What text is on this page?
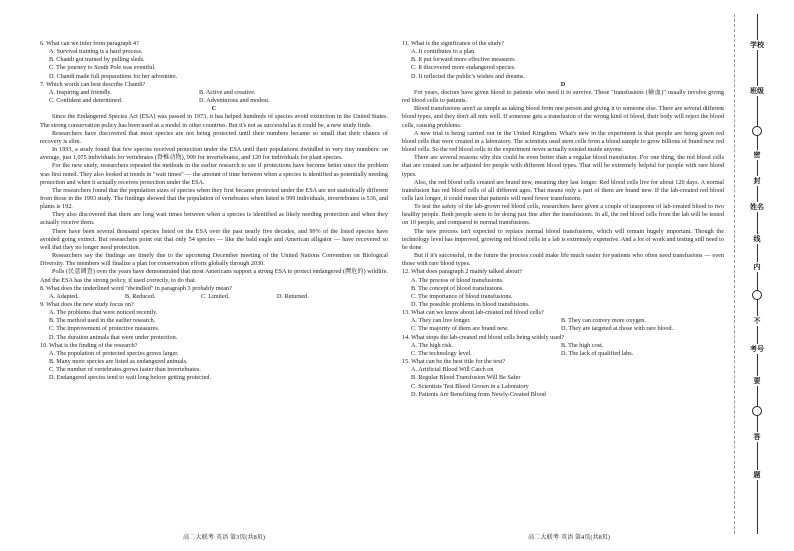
6. What can we infer from paragraph 4?

A. Survival training is a hard process.

B. Chandi got trained by pulling sleds.

C. The journey to South Pole was eventful.

D. Chandi made full preparations for her adventure.

7. Which words can best describe Chandi?

A. Inspiring and friendly.	B. Active and creative.
C. Confident and determined.	D. Adventurous and modest.

C

Since the Endangered Species Act (ESA) was passed in 1973, it has helped hundreds of species avoid extinction in the United States. The strong conservation policy has been used as a model in other countries. But it's not as successful as it could be, a new study finds.

Researchers have discovered that most species are not being protected until their numbers became so small that their chance of recovery is slim.

In 1993, a study found that few species received protection under the ESA until their populations dwindled to very tiny numbers: on average, just 1,075 individuals for vertebrates (脊椎动物), 999 for invertebrates, and 120 for individuals for plant species.

For the new study, researchers repeated the methods in the earlier research to see if protections have become better since the problem was first noted. They also looked at trends in "wait times" — the amount of time between when a species is identified as potentially needing protection and when it actually receives protection under the ESA.

The researchers found that the population sizes of species when they first became protected under the ESA are not statistically different from those in the 1993 study. The findings showed that the population of vertebrates when listed is 999 individuals, invertebrates is 536, and plants is 192.

They also discovered that there are long wait times between when a species is identified as likely needing protection and when they actually receive them.

There have been several thousand species listed on the ESA over the past nearly five decades, and 99% of the listed species have avoided going extinct. But researchers point out that only 54 species — like the bald eagle and American alligator — have recovered so well that they no longer need protection.

Researchers say the findings are timely due to the upcoming December meeting of the United Nations Convention on Biological Diversity. The members will finalize a plan for conservation efforts globally through 2030.

Polls (民意调查) over the years have demonstrated that most Americans support a strong ESA to protect endangered (濒危的) wildlife. And the ESA has the strong policy, if used correctly, to do that.

8. What does the underlined word "dwindled" in paragraph 3 probably mean?

A. Adapted.	B. Reduced.	C. Limited.	D. Returned.

9. What does the new study focus on?

A. The problems that were noticed recently.

B. The method used in the earlier research.

C. The improvement of protective measures.

D. The duration animals that were under protection.

10. What is the finding of the research?

A. The population of protected species grows larger.

B. Many more species are listed as endangered animals.

C. The number of vertebrates grows faster than invertebrates.

D. Endangered species tend to wait long before getting protected.

11. What is the significance of the study?

A. It contributes to a plan.

B. It put forward more effective measures.

C. It discovered more endangered species.

D. It reflected the public's wishes and dreams.

D

For years, doctors have given blood to patients who need it to survive. These "transfusions (输血)" usually involve giving red blood cells to patients.

Blood transfusions aren't as simple as taking blood from one person and giving it to someone else. There are several different blood types, and they don't all mix well. If someone gets a transfusion of the wrong kind of blood, their body will reject the blood cells, causing problems.

A new trial is being carried out in the United Kingdom. What's new in the experiment is that people are being given red blood cells that were created in a laboratory. The scientists used stem cells from a blood sample to grow billions of brand new red blood cells. So the red blood cells in the experiment never actually existed inside anyone.

There are several reasons why this could be even better than a regular blood transfusion. For one thing, the red blood cells that are created can be adjusted for people with different blood types. That will be extremely helpful for people with rare blood types.

Also, the red blood cells created are brand new, meaning they last longer. Red blood cells live for about 120 days. A normal transfusion has red blood cells of all different ages. That means only a part of them are brand new. If the lab-created red blood cells last longer, it could mean that patients will need fewer transfusions.

To test the safety of the lab-grown red blood cells, researchers have given a couple of teaspoons of lab-created blood to two healthy people. Both people seem to be doing just fine after the transfusions. In all, the red blood cells from the lab will be tested on 10 people, and compared to normal transfusions.

The new process isn't expected to replace normal blood transfusions, which will remain hugely important. Though the technology level has improved, growing red blood cells in a lab is extremely expensive. And a lot of work and testing still need to be done.

But if it's successful, in the future the process could make life much easier for patients who often need transfusions — even those with rare blood types.

12. What does paragraph 2 mainly talked about?

A. The process of blood transfusions.

B. The concept of blood transfusions.

C. The importance of blood transfusions.

D. The possible problems in blood transfusions.

13. What can we know about lab-created red blood cells?

A. They can live longer.	B. They can convey more oxygen.
C. The majority of them are brand new.	D. They are targeted at those with rare blood.

14. What stops the lab-created red blood cells being widely used?

A. The high risk.	B. The high cost.
C. The technology level.	D. The lack of qualified labs.

15. What can be the best title for the text?

A. Artificial Blood Will Catch on

B. Regular Blood Transfusion Will Be Safer

C. Scientists Test Blood Grown in a Laboratory

D. Patients Are Benefiting from Newly-Created Blood

高二大联考·英语 第3页(共8页)	高二大联考·英语 第4页(共8页)
学校
班级
密
封
姓名
线
内
不
考号
要
答
题
